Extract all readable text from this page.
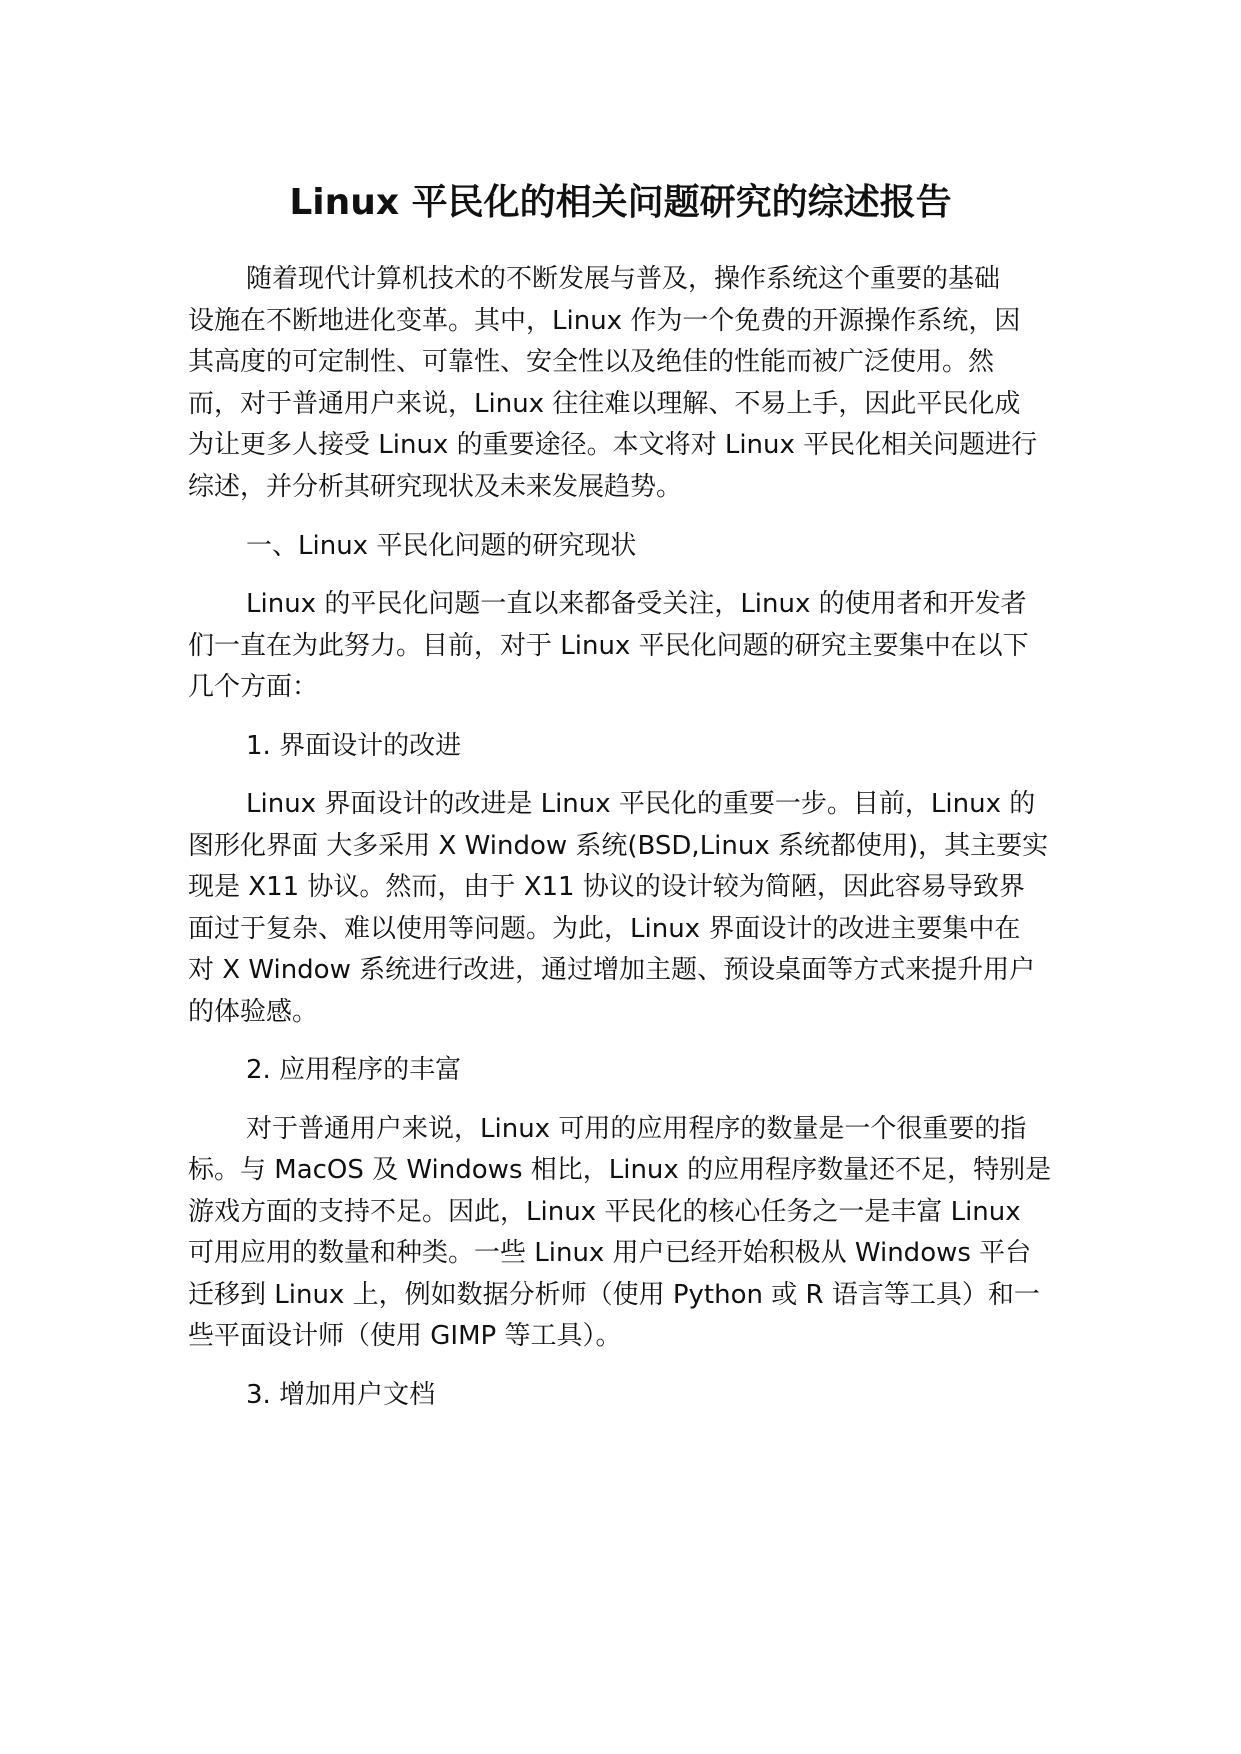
Linux 平民化的相关问题研究的综述报告

随着现代计算机技术的不断发展与普及，操作系统这个重要的基础

设施在不断地进化变革。其中，Linux 作为一个免费的开源操作系统，因

其高度的可定制性、可靠性、安全性以及绝佳的性能而被广泛使用。然

而，对于普通用户来说，Linux 往往难以理解、不易上手，因此平民化成

为让更多人接受 Linux 的重要途径。本文将对 Linux 平民化相关问题进行

综述，并分析其研究现状及未来发展趋势。

一、Linux 平民化问题的研究现状

Linux 的平民化问题一直以来都备受关注，Linux 的使用者和开发者

们一直在为此努力。目前，对于 Linux 平民化问题的研究主要集中在以下

几个方面：

1. 界面设计的改进

Linux 界面设计的改进是 Linux 平民化的重要一步。目前，Linux 的

图形化界面 大多采用 X Window 系统(BSD,Linux 系统都使用)，其主要实

现是 X11 协议。然而，由于 X11 协议的设计较为简陋，因此容易导致界

面过于复杂、难以使用等问题。为此，Linux 界面设计的改进主要集中在

对 X Window 系统进行改进，通过增加主题、预设桌面等方式来提升用户

的体验感。

2. 应用程序的丰富

对于普通用户来说，Linux 可用的应用程序的数量是一个很重要的指

标。与 MacOS 及 Windows 相比，Linux 的应用程序数量还不足，特别是

游戏方面的支持不足。因此，Linux 平民化的核心任务之一是丰富 Linux

可用应用的数量和种类。一些 Linux 用户已经开始积极从 Windows 平台

迁移到 Linux 上，例如数据分析师（使用 Python 或 R 语言等工具）和一

些平面设计师（使用 GIMP 等工具）。

3. 增加用户文档
